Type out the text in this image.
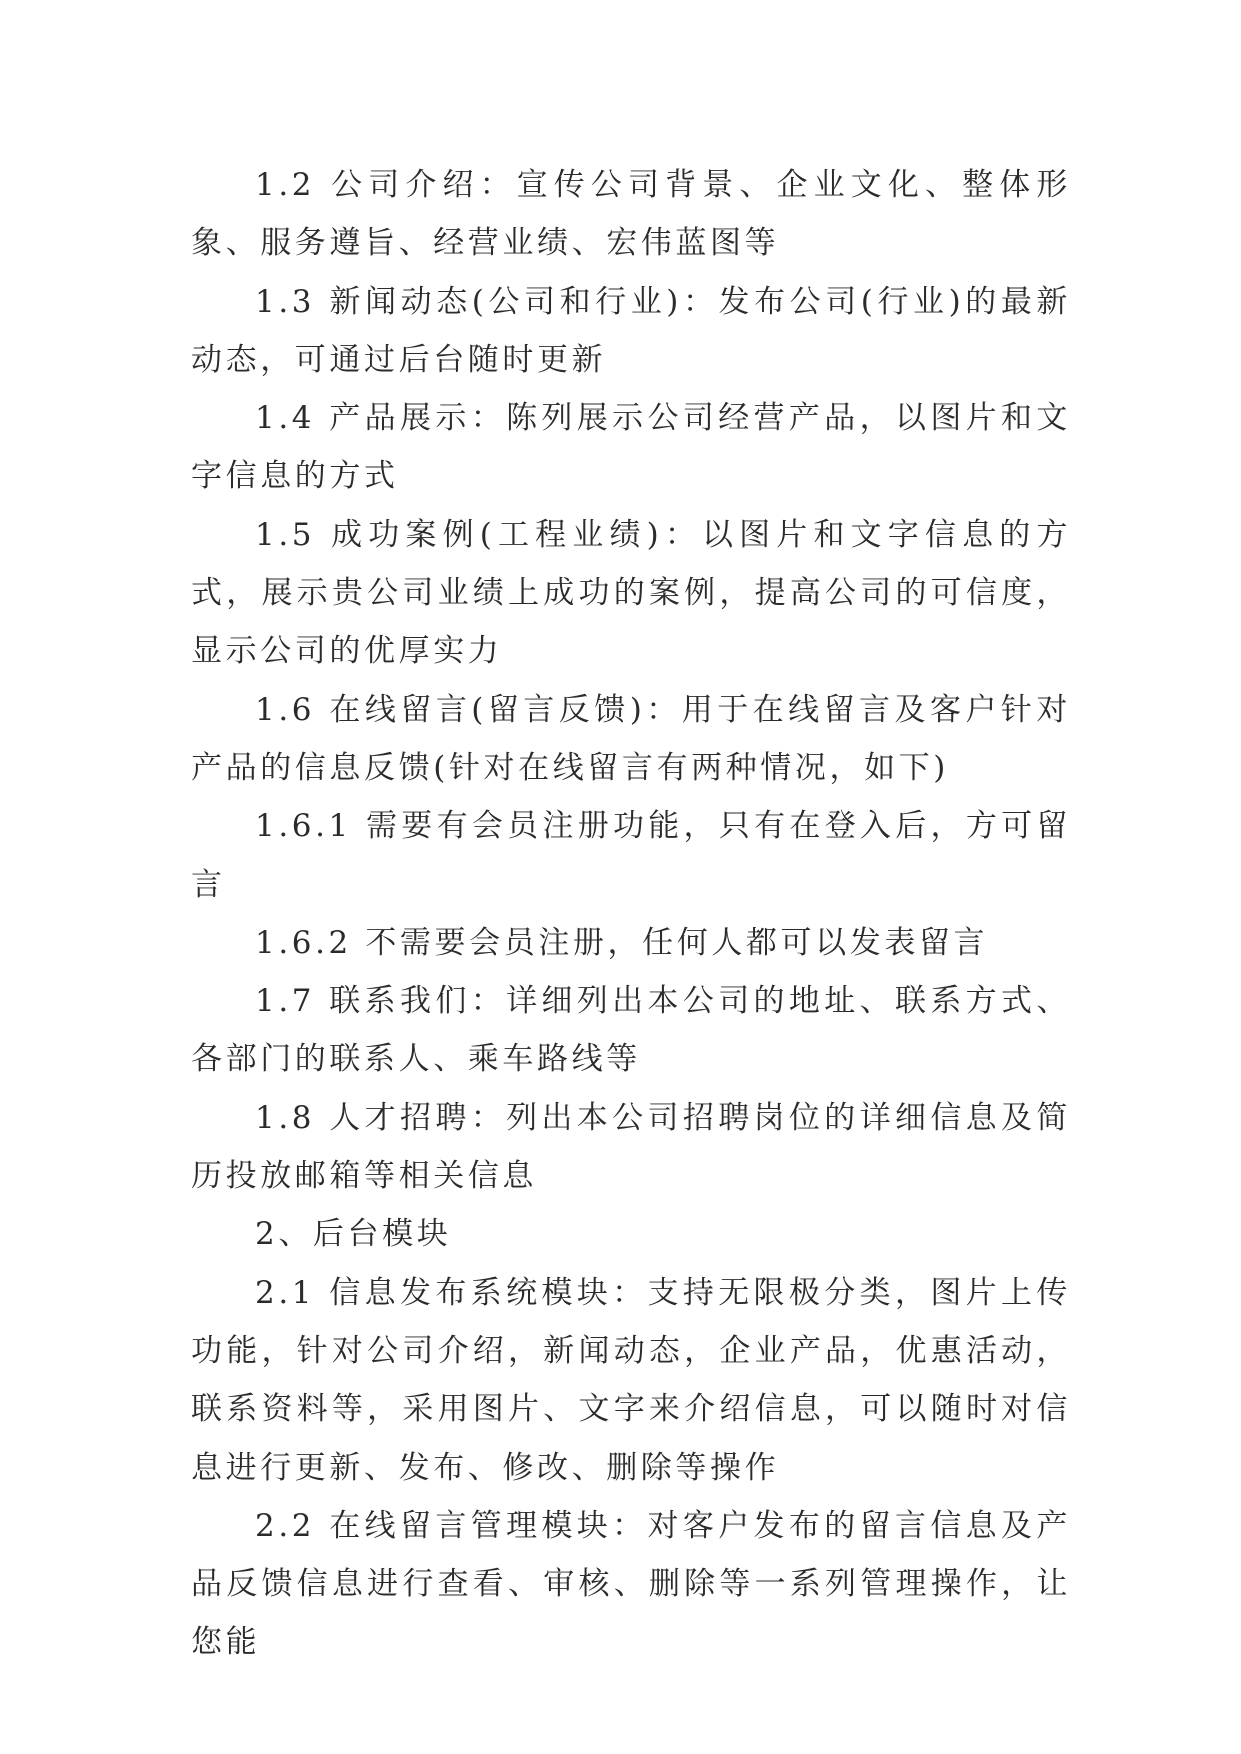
1.2 公司介绍：宣传公司背景、企业文化、整体形象、服务遵旨、经营业绩、宏伟蓝图等

1.3 新闻动态(公司和行业)：发布公司(行业)的最新动态，可通过后台随时更新

1.4 产品展示：陈列展示公司经营产品，以图片和文字信息的方式

1.5 成功案例(工程业绩)：以图片和文字信息的方式，展示贵公司业绩上成功的案例，提高公司的可信度，显示公司的优厚实力

1.6 在线留言(留言反馈)：用于在线留言及客户针对产品的信息反馈(针对在线留言有两种情况，如下)

1.6.1 需要有会员注册功能，只有在登入后，方可留言

1.6.2 不需要会员注册，任何人都可以发表留言

1.7 联系我们：详细列出本公司的地址、联系方式、各部门的联系人、乘车路线等

1.8 人才招聘：列出本公司招聘岗位的详细信息及简历投放邮箱等相关信息

2、后台模块

2.1 信息发布系统模块：支持无限极分类，图片上传功能，针对公司介绍，新闻动态，企业产品，优惠活动，联系资料等，采用图片、文字来介绍信息，可以随时对信息进行更新、发布、修改、删除等操作

2.2 在线留言管理模块：对客户发布的留言信息及产品反馈信息进行查看、审核、删除等一系列管理操作，让您能
